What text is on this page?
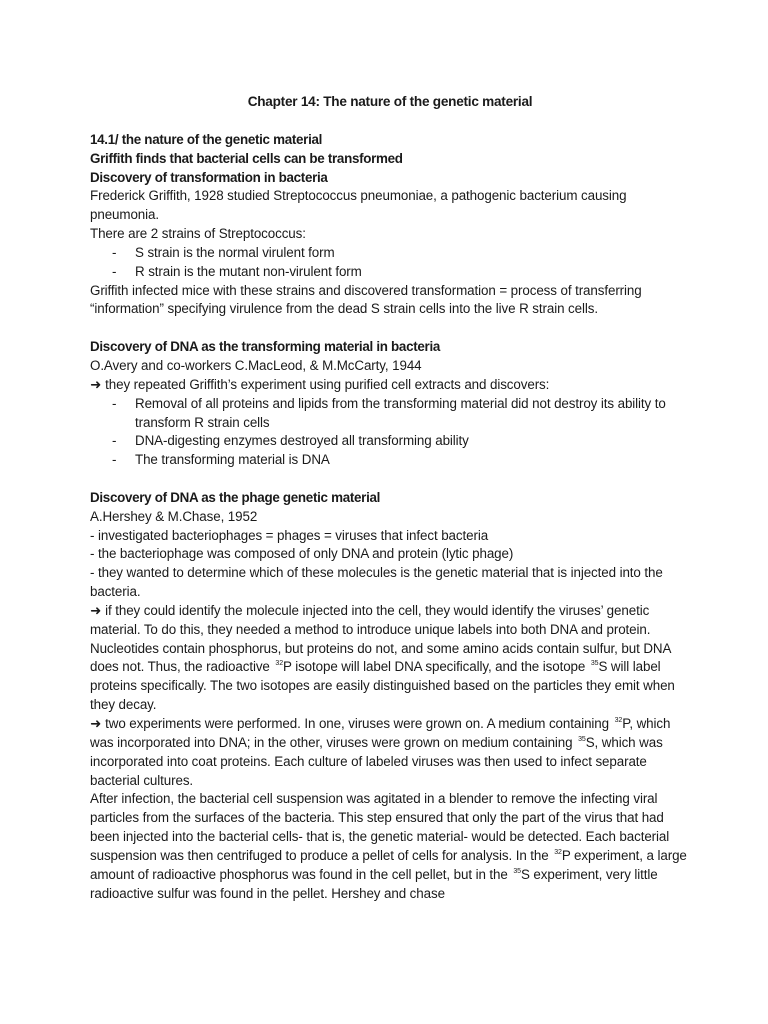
Chapter 14: The nature of the genetic material
14.1/ the nature of the genetic material
Griffith finds that bacterial cells can be transformed
Discovery of transformation in bacteria

Frederick Griffith, 1928 studied Streptococcus pneumoniae, a pathogenic bacterium causing pneumonia.

There are 2 strains of Streptococcus:

- S strain is the normal virulent form
- R strain is the mutant non-virulent form

Griffith infected mice with these strains and discovered transformation = process of transferring “information” specifying virulence from the dead S strain cells into the live R strain cells.

Discovery of DNA as the transforming material in bacteria

O.Avery and co-workers C.MacLeod, & M.McCarty, 1944

➜ they repeated Griffith’s experiment using purified cell extracts and discovers:

- Removal of all proteins and lipids from the transforming material did not destroy its ability to transform R strain cells
- DNA-digesting enzymes destroyed all transforming ability
- The transforming material is DNA
Discovery of DNA as the phage genetic material

A.Hershey & M.Chase, 1952

- investigated bacteriophages = phages = viruses that infect bacteria

- the bacteriophage was composed of only DNA and protein (lytic phage)

- they wanted to determine which of these molecules is the genetic material that is injected into the bacteria.

➜ if they could identify the molecule injected into the cell, they would identify the viruses’ genetic material. To do this, they needed a method to introduce unique labels into both DNA and protein. Nucleotides contain phosphorus, but proteins do not, and some amino acids contain sulfur, but DNA does not. Thus, the radioactive $^{32}$P isotope will label DNA specifically, and the isotope $^{35}$S will label proteins specifically. The two isotopes are easily distinguished based on the particles they emit when they decay.

➜ two experiments were performed. In one, viruses were grown on. A medium containing $^{32}$P, which was incorporated into DNA; in the other, viruses were grown on medium containing $^{35}$S, which was incorporated into coat proteins. Each culture of labeled viruses was then used to infect separate bacterial cultures.

After infection, the bacterial cell suspension was agitated in a blender to remove the infecting viral particles from the surfaces of the bacteria. This step ensured that only the part of the virus that had been injected into the bacterial cells- that is, the genetic material- would be detected. Each bacterial suspension was then centrifuged to produce a pellet of cells for analysis. In the $^{32}$P experiment, a large amount of radioactive phosphorus was found in the cell pellet, but in the $^{35}$S experiment, very little radioactive sulfur was found in the pellet. Hershey and chase
